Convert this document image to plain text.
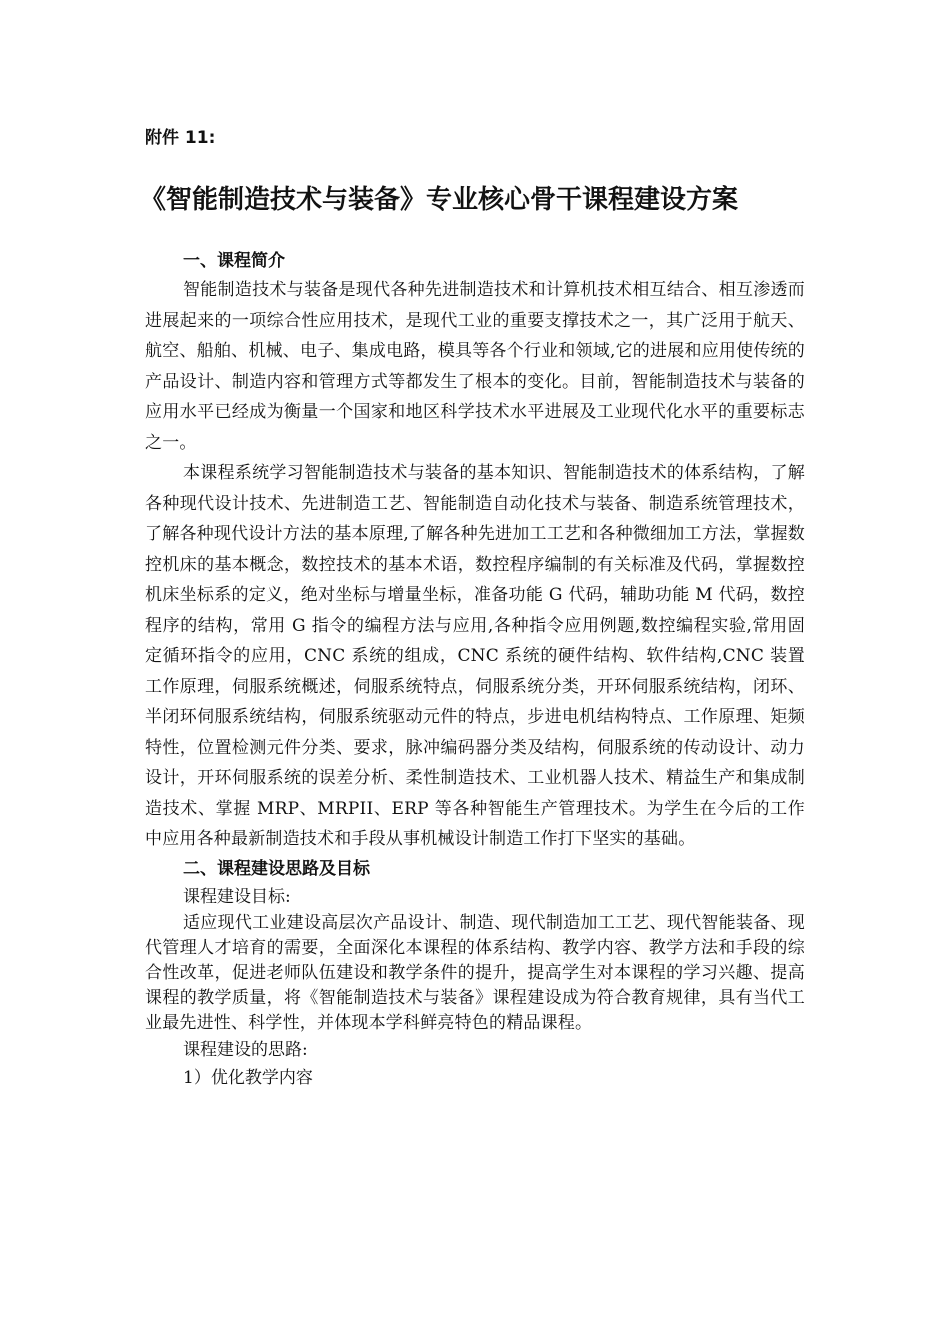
附件 11:
《智能制造技术与装备》专业核心骨干课程建设方案

一、课程简介

智能制造技术与装备是现代各种先进制造技术和计算机技术相互结合、相互渗透而进展起来的一项综合性应用技术，是现代工业的重要支撑技术之一，其广泛用于航天、航空、船舶、机械、电子、集成电路，模具等各个行业和领域,它的进展和应用使传统的产品设计、制造内容和管理方式等都发生了根本的变化。目前，智能制造技术与装备的应用水平已经成为衡量一个国家和地区科学技术水平进展及工业现代化水平的重要标志之一。

本课程系统学习智能制造技术与装备的基本知识、智能制造技术的体系结构，了解各种现代设计技术、先进制造工艺、智能制造自动化技术与装备、制造系统管理技术，了解各种现代设计方法的基本原理,了解各种先进加工工艺和各种微细加工方法，掌握数控机床的基本概念，数控技术的基本术语，数控程序编制的有关标准及代码，掌握数控机床坐标系的定义，绝对坐标与增量坐标，准备功能 G 代码，辅助功能 M 代码，数控程序的结构，常用 G 指令的编程方法与应用,各种指令应用例题,数控编程实验,常用固定循环指令的应用，CNC 系统的组成，CNC 系统的硬件结构、软件结构,CNC 装置工作原理，伺服系统概述，伺服系统特点，伺服系统分类，开环伺服系统结构，闭环、半闭环伺服系统结构，伺服系统驱动元件的特点，步进电机结构特点、工作原理、矩频特性，位置检测元件分类、要求，脉冲编码器分类及结构，伺服系统的传动设计、动力设计，开环伺服系统的误差分析、柔性制造技术、工业机器人技术、精益生产和集成制造技术、掌握 MRP、MRPII、ERP 等各种智能生产管理技术。为学生在今后的工作中应用各种最新制造技术和手段从事机械设计制造工作打下坚实的基础。

二、课程建设思路及目标

课程建设目标:

适应现代工业建设高层次产品设计、制造、现代制造加工工艺、现代智能装备、现代管理人才培育的需要，全面深化本课程的体系结构、教学内容、教学方法和手段的综合性改革，促进老师队伍建设和教学条件的提升，提高学生对本课程的学习兴趣、提高课程的教学质量，将《智能制造技术与装备》课程建设成为符合教育规律，具有当代工业最先进性、科学性，并体现本学科鲜亮特色的精品课程。

课程建设的思路:

1）优化教学内容
